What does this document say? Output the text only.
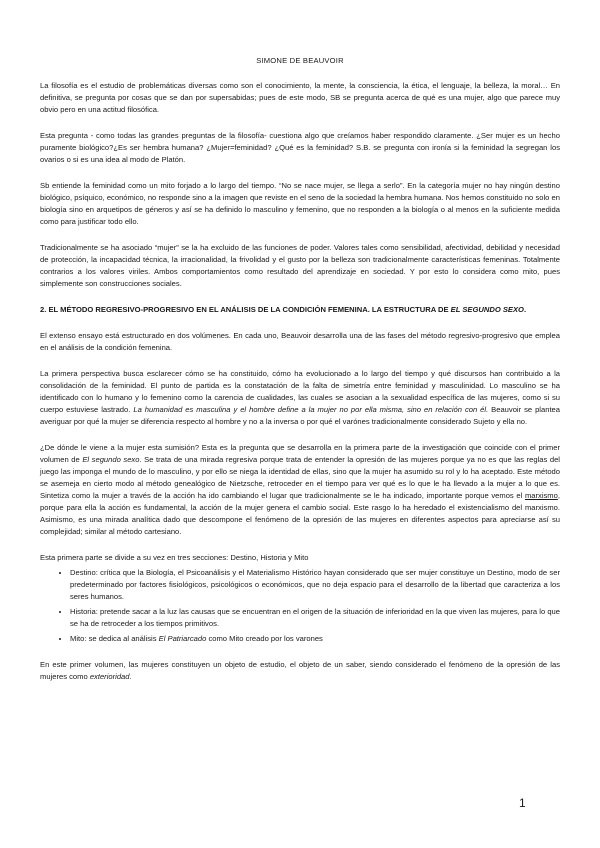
SIMONE DE BEAUVOIR

La filosofía es el estudio de problemáticas diversas como son el conocimiento, la mente, la consciencia, la ética, el lenguaje, la belleza, la moral… En definitiva, se pregunta por cosas que se dan por supersabidas; pues de este modo, SB se pregunta acerca de qué es una mujer, algo que parece muy obvio pero en una actitud filosófica.

Esta pregunta - como todas las grandes preguntas de la filosofía- cuestiona algo que creíamos haber respondido claramente. ¿Ser mujer es un hecho puramente biológico?¿Es ser hembra humana? ¿Mujer=feminidad? ¿Qué es la feminidad? S.B. se pregunta con ironía si la feminidad la segregan los ovarios o si es una idea al modo de Platón.

Sb entiende la feminidad como un mito forjado a lo largo del tiempo. “No se nace mujer, se llega a serlo”. En la categoría mujer no hay ningún destino biológico, psíquico, económico, no responde sino a la imagen que reviste en el seno de la sociedad la hembra humana. Nos hemos constituido no solo en biología sino en arquetipos de géneros y así se ha definido lo masculino y femenino, que no responden a la biología o al menos en la suficiente medida como para justificar todo ello.

Tradicionalmente se ha asociado “mujer” se la ha excluido de las funciones de poder. Valores tales como sensibilidad, afectividad, debilidad y necesidad de protección, la incapacidad técnica, la irracionalidad, la frivolidad y el gusto por la belleza son tradicionalmente características femeninas. Totalmente contrarios a los valores viriles. Ambos comportamientos como resultado del aprendizaje en sociedad. Y por esto lo considera como mito, pues simplemente son construcciones sociales.

2. EL MÉTODO REGRESIVO-PROGRESIVO EN EL ANÁLISIS DE LA CONDICIÓN FEMENINA. LA ESTRUCTURA DE EL SEGUNDO SEXO.

El extenso ensayo está estructurado en dos volúmenes. En cada uno, Beauvoir desarrolla una de las fases del método regresivo-progresivo que emplea en el análisis de la condición femenina.

La primera perspectiva busca esclarecer cómo se ha constituido, cómo ha evolucionado a lo largo del tiempo y qué discursos han contribuido a la consolidación de la feminidad. El punto de partida es la constatación de la falta de simetría entre feminidad y masculinidad. Lo masculino se ha identificado con lo humano y lo femenino como la carencia de cualidades, las cuales se asocian a la sexualidad específica de las mujeres, como si su cuerpo estuviese lastrado. La humanidad es masculina y el hombre define a la mujer no por ella misma, sino en relación con él. Beauvoir se plantea averiguar por qué la mujer se diferencia respecto al hombre y no a la inversa o por qué el varónes tradicionalmente considerado Sujeto y ella no.

¿De dónde le viene a la mujer esta sumisión? Esta es la pregunta que se desarrolla en la primera parte de la investigación que coincide con el primer volumen de El segundo sexo. Se trata de una mirada regresiva porque trata de entender la opresión de las mujeres porque ya no es que las reglas del juego las imponga el mundo de lo masculino, y por ello se niega la identidad de ellas, sino que la mujer ha asumido su rol y lo ha aceptado. Este método se asemeja en cierto modo al método genealógico de Nietzsche, retroceder en el tiempo para ver qué es lo que le ha llevado a la mujer a lo que es. Sintetiza como la mujer a través de la acción ha ido cambiando el lugar que tradicionalmente se le ha indicado, importante porque vemos el marxismo, porque para ella la acción es fundamental, la acción de la mujer genera el cambio social. Este rasgo lo ha heredado el existencialismo del marxismo. Asimismo, es una mirada analítica dado que descompone el fenómeno de la opresión de las mujeres en diferentes aspectos para apreciarse así su complejidad; similar al método cartesiano.

Esta primera parte se divide a su vez en tres secciones: Destino, Historia y Mito

• Destino: crítica que la Biología, el Psicoanálisis y el Materialismo Histórico hayan considerado que ser mujer constituye un Destino, modo de ser predeterminado por factores fisiológicos, psicológicos o económicos, que no deja espacio para el desarrollo de la libertad que caracteriza a los seres humanos.
• Historia: pretende sacar a la luz las causas que se encuentran en el origen de la situación de inferioridad en la que viven las mujeres, para lo que se ha de retroceder a los tiempos primitivos.
• Mito: se dedica al análisis El Patriarcado como Mito creado por los varones

En este primer volumen, las mujeres constituyen un objeto de estudio, el objeto de un saber, siendo considerado el fenómeno de la opresión de las mujeres como exterioridad.

1
